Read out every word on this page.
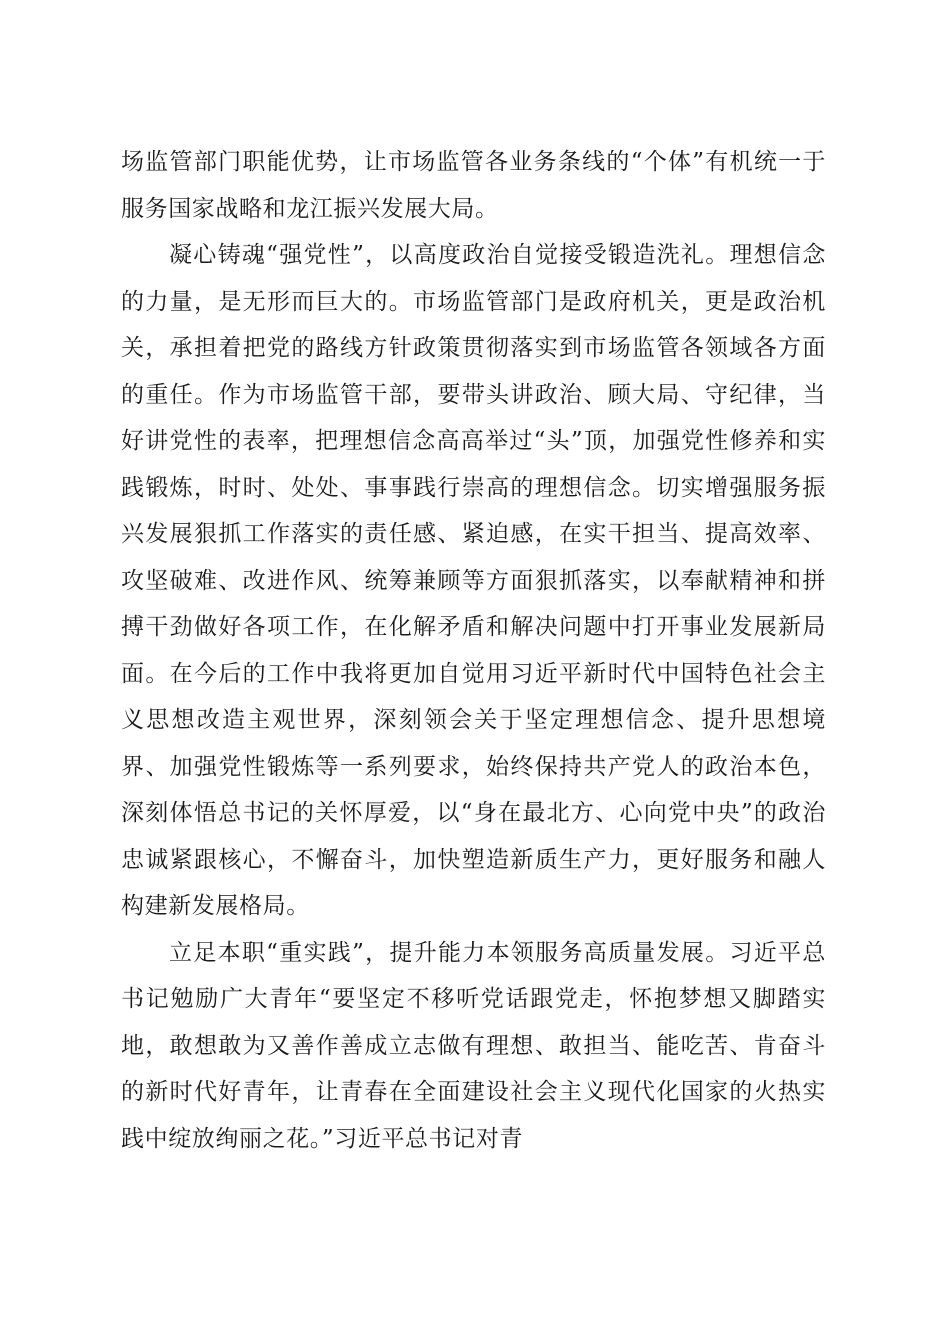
场监管部门职能优势，让市场监管各业务条线的“个体”有机统一于服务国家战略和龙江振兴发展大局。

凝心铸魂“强党性”，以高度政治自觉接受锻造洗礼。理想信念的力量，是无形而巨大的。市场监管部门是政府机关，更是政治机关，承担着把党的路线方针政策贯彻落实到市场监管各领域各方面的重任。作为市场监管干部，要带头讲政治、顾大局、守纪律，当好讲党性的表率，把理想信念高高举过“头”顶，加强党性修养和实践锻炼，时时、处处、事事践行崇高的理想信念。切实增强服务振兴发展狠抓工作落实的责任感、紧迫感，在实干担当、提高效率、攻坚破难、改进作风、统筹兼顾等方面狠抓落实，以奉献精神和拼搏干劲做好各项工作，在化解矛盾和解决问题中打开事业发展新局面。在今后的工作中我将更加自觉用习近平新时代中国特色社会主义思想改造主观世界，深刻领会关于坚定理想信念、提升思想境界、加强党性锻炼等一系列要求，始终保持共产党人的政治本色，深刻体悟总书记的关怀厚爱，以“身在最北方、心向党中央”的政治忠诚紧跟核心，不懈奋斗，加快塑造新质生产力，更好服务和融人构建新发展格局。

立足本职“重实践”，提升能力本领服务高质量发展。习近平总书记勉励广大青年“要坚定不移听党话跟党走，怀抱梦想又脚踏实地，敢想敢为又善作善成立志做有理想、敢担当、能吃苦、肯奋斗的新时代好青年，让青春在全面建设社会主义现代化国家的火热实践中绽放绚丽之花。”习近平总书记对青
